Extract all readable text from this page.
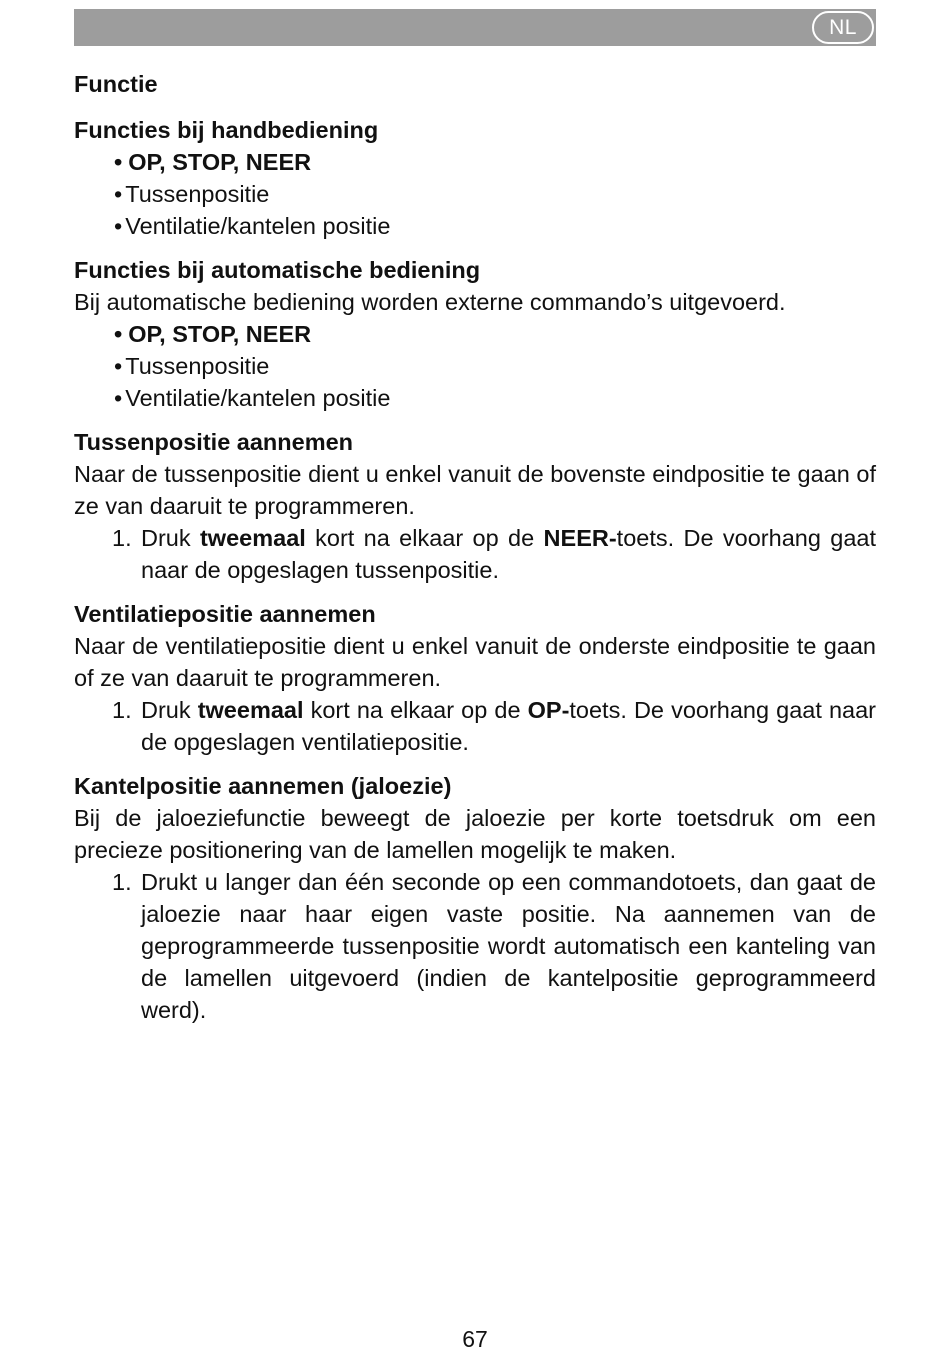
NL

Functie

Functies bij handbediening

• OP, STOP, NEER
• Tussenpositie
• Ventilatie/kantelen positie

Functies bij automatische bediening

Bij automatische bediening worden externe commando’s uitgevoerd.

• OP, STOP, NEER
• Tussenpositie
• Ventilatie/kantelen positie

Tussenpositie aannemen

Naar de tussenpositie dient u enkel vanuit de bovenste eindpositie te gaan of ze van daaruit te programmeren.

1. Druk tweemaal kort na elkaar op de NEER-toets. De voorhang gaat naar de opgeslagen tussenpositie.

Ventilatiepositie aannemen

Naar de ventilatiepositie dient u enkel vanuit de onderste eindpositie te gaan of ze van daaruit te programmeren.

1. Druk tweemaal kort na elkaar op de OP-toets. De voorhang gaat naar de opgeslagen ventilatiepositie.

Kantelpositie aannemen (jaloezie)

Bij de jaloeziefunctie beweegt de jaloezie per korte toetsdruk om een precieze positionering van de lamellen mogelijk te maken.

1. Drukt u langer dan één seconde op een commandotoets, dan gaat de jaloezie naar haar eigen vaste positie. Na aannemen van de geprogrammeerde tussenpositie wordt automatisch een kanteling van de lamellen uitgevoerd (indien de kantelpositie geprogrammeerd werd).
67
